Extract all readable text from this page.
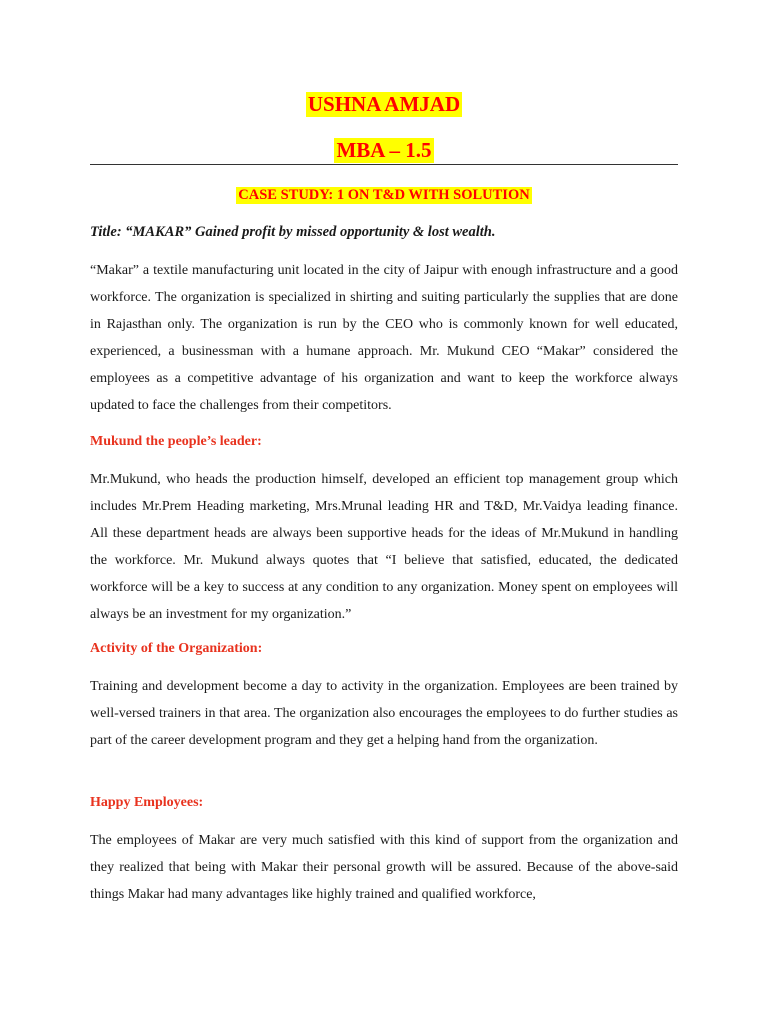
USHNA AMJAD
MBA – 1.5
CASE STUDY: 1 ON T&D WITH SOLUTION
Title: “MAKAR” Gained profit by missed opportunity & lost wealth.
“Makar” a textile manufacturing unit located in the city of Jaipur with enough infrastructure and a good workforce. The organization is specialized in shirting and suiting particularly the supplies that are done in Rajasthan only. The organization is run by the CEO who is commonly known for well educated, experienced, a businessman with a humane approach. Mr. Mukund CEO “Makar” considered the employees as a competitive advantage of his organization and want to keep the workforce always updated to face the challenges from their competitors.
Mukund the people’s leader:
Mr.Mukund, who heads the production himself, developed an efficient top management group which includes Mr.Prem Heading marketing, Mrs.Mrunal leading HR and T&D, Mr.Vaidya leading finance. All these department heads are always been supportive heads for the ideas of Mr.Mukund in handling the workforce. Mr. Mukund always quotes that “I believe that satisfied, educated, the dedicated workforce will be a key to success at any condition to any organization. Money spent on employees will always be an investment for my organization.”
Activity of the Organization:
Training and development become a day to activity in the organization. Employees are been trained by well-versed trainers in that area. The organization also encourages the employees to do further studies as part of the career development program and they get a helping hand from the organization.
Happy Employees:
The employees of Makar are very much satisfied with this kind of support from the organization and they realized that being with Makar their personal growth will be assured. Because of the above-said things Makar had many advantages like highly trained and qualified workforce,
